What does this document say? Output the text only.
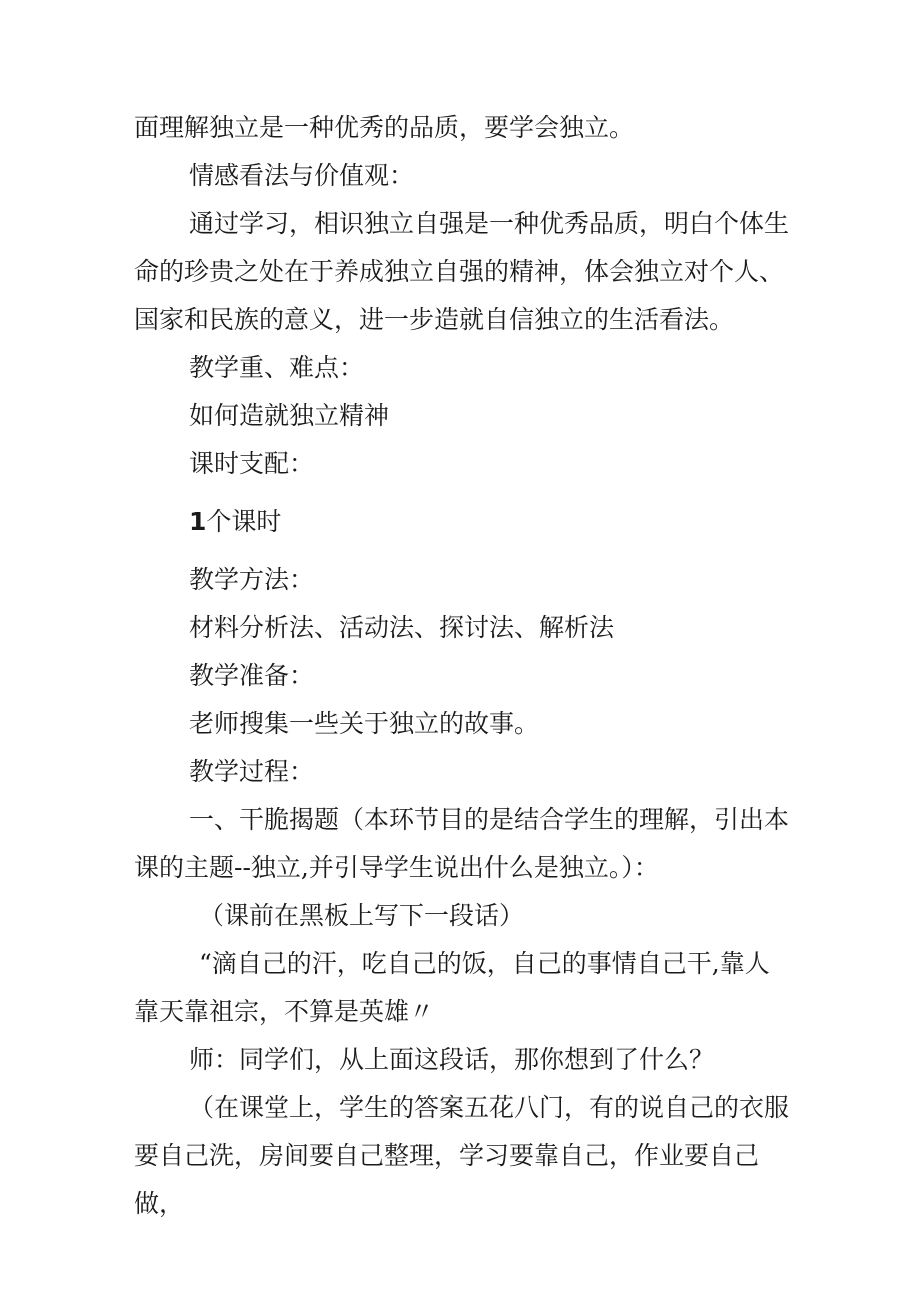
面理解独立是一种优秀的品质，要学会独立。

情感看法与价值观：

通过学习，相识独立自强是一种优秀品质，明白个体生命的珍贵之处在于养成独立自强的精神，体会独立对个人、国家和民族的意义，进一步造就自信独立的生活看法。

教学重、难点：

如何造就独立精神

课时支配：

1个课时

教学方法：

材料分析法、活动法、探讨法、解析法

教学准备：

老师搜集一些关于独立的故事。

教学过程：

一、干脆揭题（本环节目的是结合学生的理解，引出本课的主题--独立,并引导学生说出什么是独立。）：

（课前在黑板上写下一段话）

“滴自己的汗，吃自己的饭，自己的事情自己干,靠人靠天靠祖宗，不算是英雄〃

师：同学们，从上面这段话，那你想到了什么？

（在课堂上，学生的答案五花八门，有的说自己的衣服要自己洗，房间要自己整理，学习要靠自己，作业要自己做，
